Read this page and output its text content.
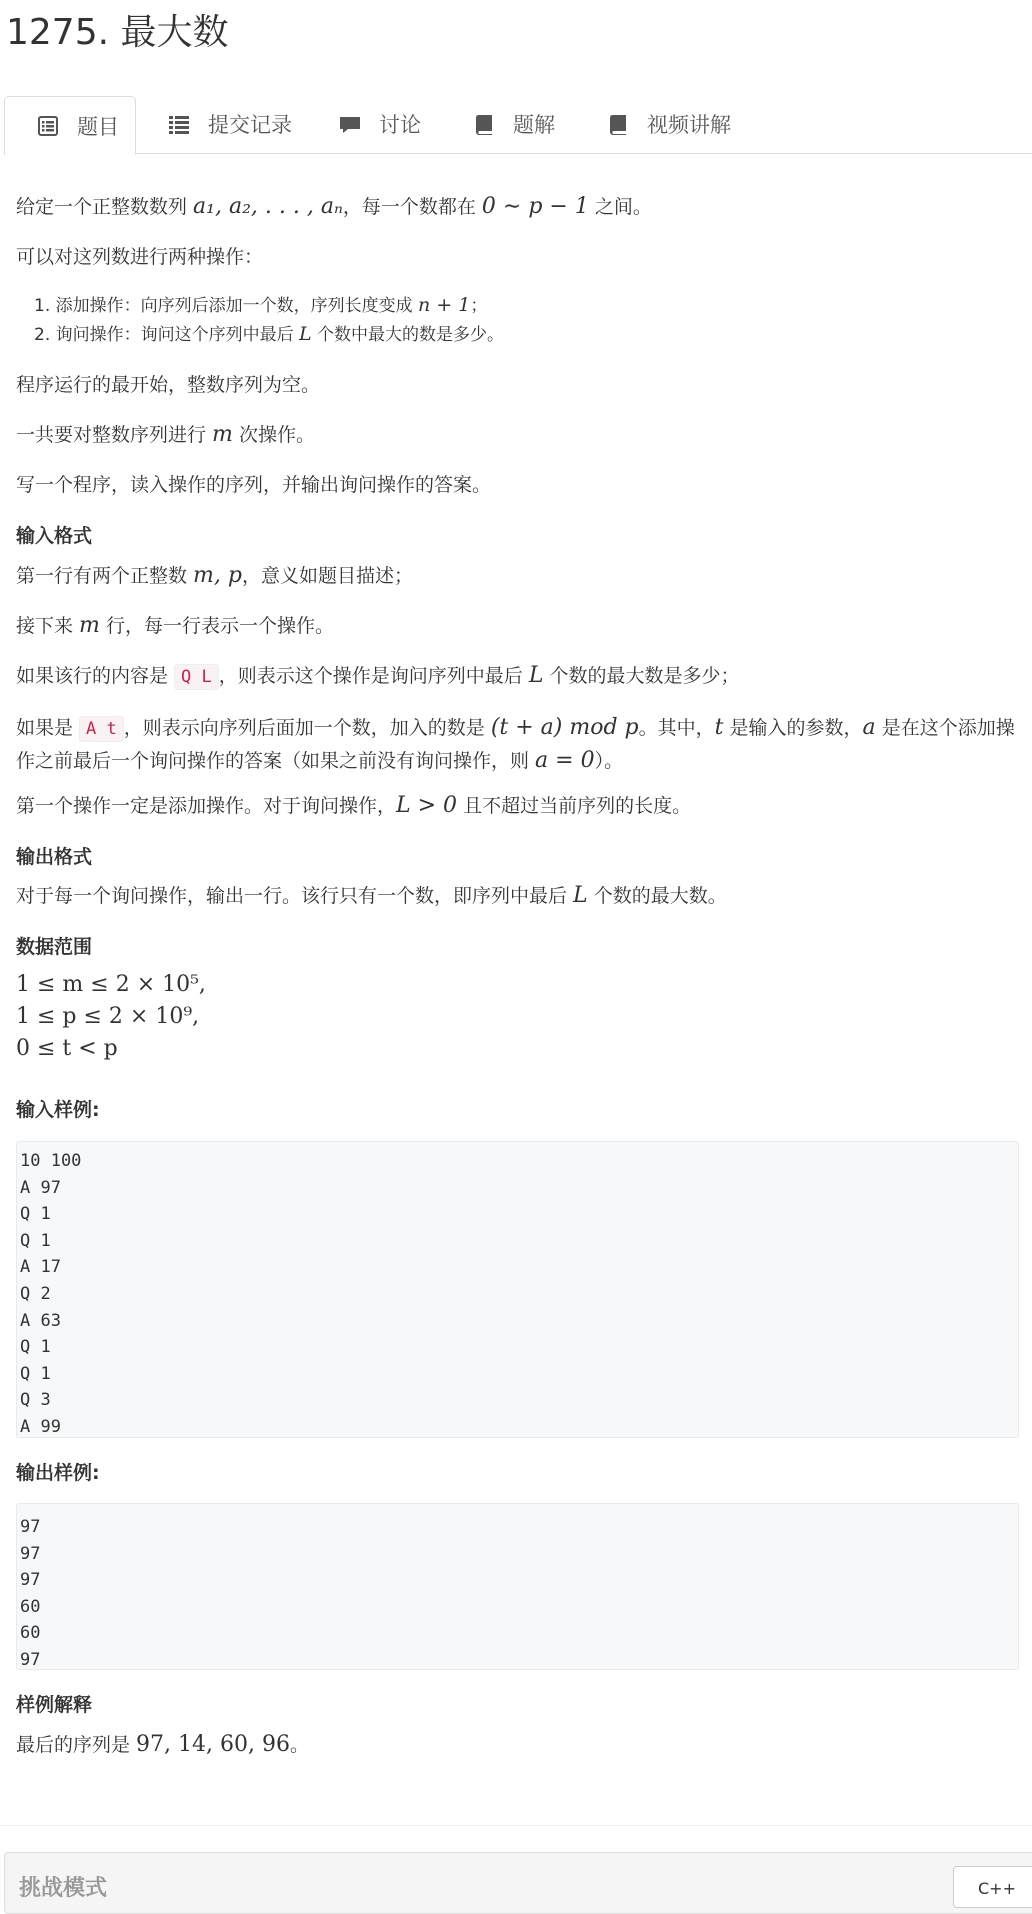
1275. 最大数
题目	提交记录	讨论	题解	视频讲解

给定一个正整数数列 a₁, a₂, . . . , aₙ，每一个数都在 0 ∼ p − 1 之间。

可以对这列数进行两种操作：

1. 添加操作：向序列后添加一个数，序列长度变成 n + 1；
2. 询问操作：询问这个序列中最后 L 个数中最大的数是多少。

程序运行的最开始，整数序列为空。

一共要对整数序列进行 m 次操作。

写一个程序，读入操作的序列，并输出询问操作的答案。

输入格式

第一行有两个正整数 m, p，意义如题目描述；

接下来 m 行，每一行表示一个操作。

如果该行的内容是 Q L ，则表示这个操作是询问序列中最后 L 个数的最大数是多少；

如果是 A t ，则表示向序列后面加一个数，加入的数是 (t + a) mod p。其中，t 是输入的参数，a 是在这个添加操作之前最后一个询问操作的答案（如果之前没有询问操作，则 a = 0）。

第一个操作一定是添加操作。对于询问操作，L > 0 且不超过当前序列的长度。

输出格式

对于每一个询问操作，输出一行。该行只有一个数，即序列中最后 L 个数的最大数。

数据范围

1 ≤ m ≤ 2 × 10⁵,

1 ≤ p ≤ 2 × 10⁹,

0 ≤ t < p

输入样例:
10 100
A 97
Q 1
Q 1
A 17
Q 2
A 63
Q 1
Q 1
Q 3
A 99
输出样例:
97
97
97
60
60
97
样例解释

最后的序列是 97, 14, 60, 96。

挑战模式	C++
